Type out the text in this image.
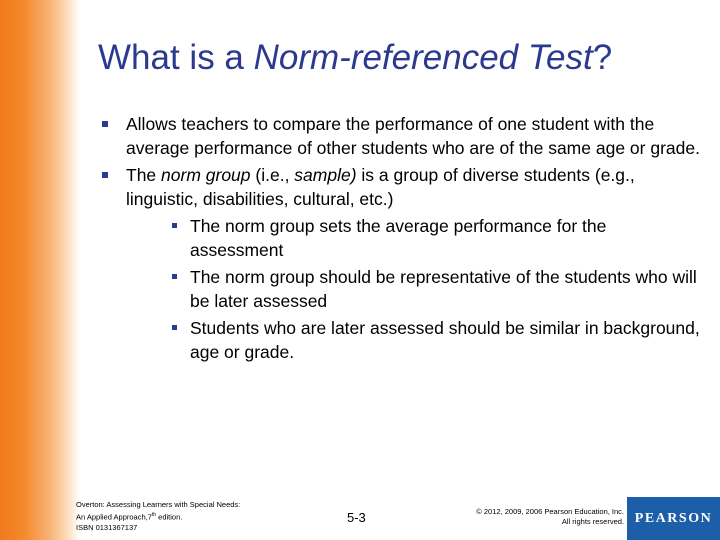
What is a Norm-referenced Test?
Allows teachers to compare the performance of one student with the average performance of other students who are of the same age or grade.
The norm group (i.e., sample) is a group of diverse students (e.g., linguistic, disabilities, cultural, etc.)
The norm group sets the average performance for the assessment
The norm group should be representative of the students who will be later assessed
Students who are later assessed should be similar in background, age or grade.
Overton: Assessing Learners with Special Needs:
An Applied Approach,7th edition.
ISBN 0131367137
5-3	© 2012, 2009, 2006 Pearson Education, Inc.
All rights reserved. PEARSON
